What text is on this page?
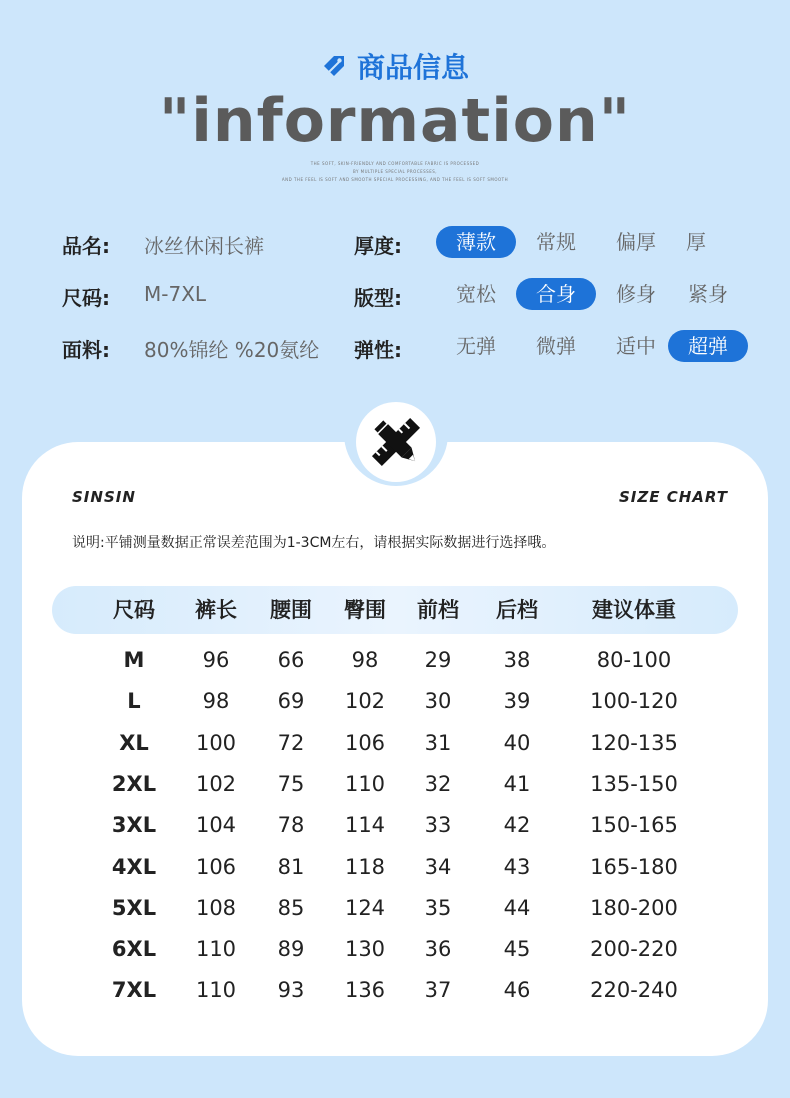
商品信息
"information"
THE SOFT, SKIN-FRIENDLY AND COMFORTABLE FABRIC IS PROCESSED
BY MULTIPLE SPECIAL PROCESSES,
AND THE FEEL IS SOFT AND SMOOTH SPECIAL PROCESSING, AND THE FEEL IS SOFT SMOOTH
品名: 冰丝休闲长裤	厚度:	薄款	常规	偏厚	厚
尺码: M-7XL	版型:	宽松	合身	修身	紧身
面料: 80%锦纶 %20氨纶 弹性:	无弹	微弹	适中	超弹
SINSIN	SIZE CHART
说明:平铺测量数据正常误差范围为1-3CM左右，请根据实际数据进行选择哦。
尺码	裤长	腰围	臀围	前档	后档	建议体重
M	96	66	98	29	38	80-100
L	98	69	102	30	39	100-120
XL	100	72	106	31	40	120-135
2XL	102	75	110	32	41	135-150
3XL	104	78	114	33	42	150-165
4XL	106	81	118	34	43	165-180
5XL	108	85	124	35	44	180-200
6XL	110	89	130	36	45	200-220
7XL	110	93	136	37	46	220-240
